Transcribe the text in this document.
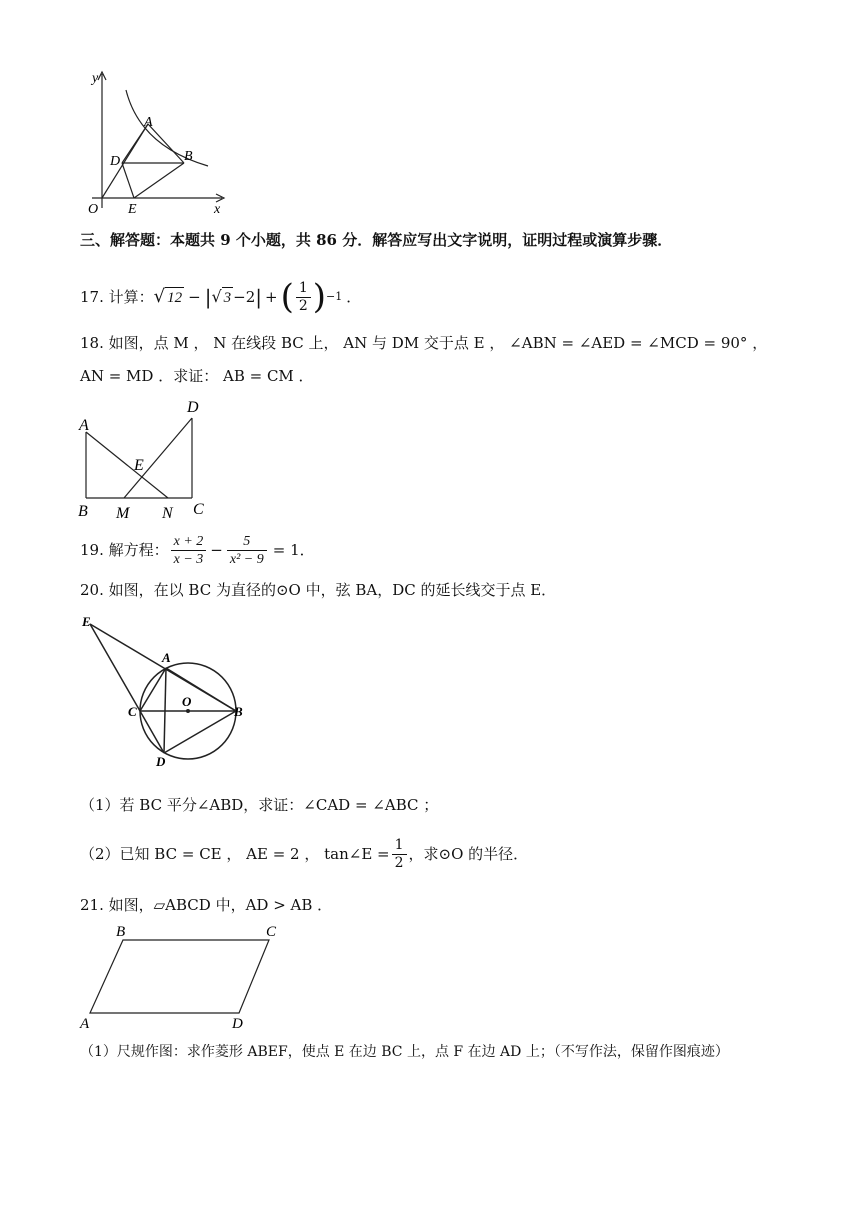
y
A
D	B
O E	x
三、解答题：本题共 9 个小题，共 86 分．解答应写出文字说明，证明过程或演算步骤．
17. 计算： √ 12 − | √ 3 −2 | + ( $\frac{1}{2}$ ) −1 ．
18. 如图，点 M ， N 在线段 BC 上， AN 与 DM 交于点 E ， ∠ABN = ∠AED = ∠MCD = 90° ，
AN = MD ．求证： AB = CM ．
A
D
E
B M N C
19. 解方程： $\frac{x + 2}{x - 3} - \frac{5}{\text{x² − 9}} = 1$．
20. 如图，在以 BC 为直径的⊙O 中，弦 BA，DC 的延长线交于点 E．
E
A
O
C	B
D
（1）若 BC 平分∠ABD，求证：∠CAD = ∠ABC ；
（2）已知 BC = CE ， AE = 2 ， tan∠E = $\frac{1}{2}$ ，求⊙O 的半径．
21. 如图，▱ABCD 中，AD > AB ．
B	C
A	D
（1）尺规作图：求作菱形 ABEF，使点 E 在边 BC 上，点 F 在边 AD 上；（不写作法，保留作图痕迹）
